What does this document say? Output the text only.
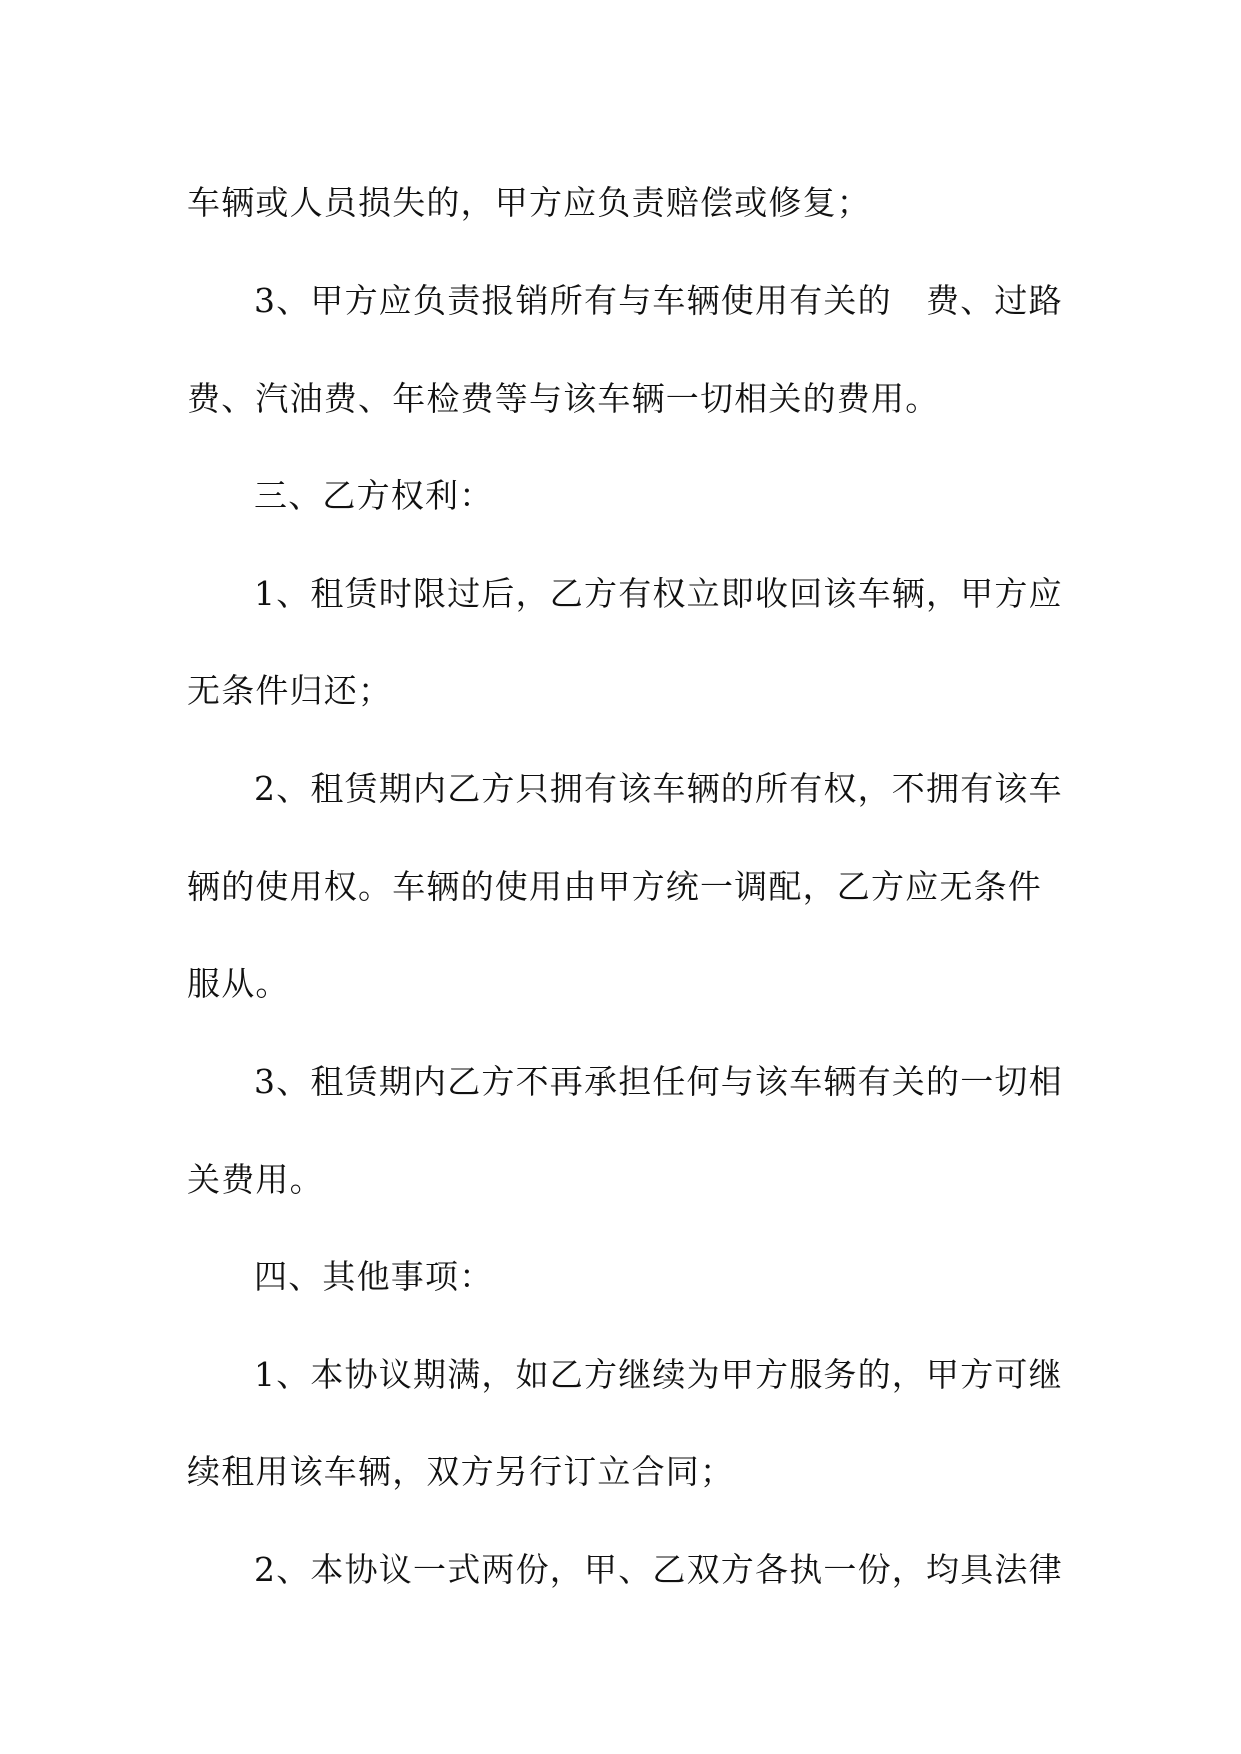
车辆或人员损失的，甲方应负责赔偿或修复；
3、甲方应负责报销所有与车辆使用有关的　费、过路
费、汽油费、年检费等与该车辆一切相关的费用。
三、乙方权利：
1、租赁时限过后，乙方有权立即收回该车辆，甲方应
无条件归还；
2、租赁期内乙方只拥有该车辆的所有权，不拥有该车
辆的使用权。车辆的使用由甲方统一调配，乙方应无条件
服从。
3、租赁期内乙方不再承担任何与该车辆有关的一切相
关费用。
四、其他事项：
1、本协议期满，如乙方继续为甲方服务的，甲方可继
续租用该车辆，双方另行订立合同；
2、本协议一式两份，甲、乙双方各执一份，均具法律
